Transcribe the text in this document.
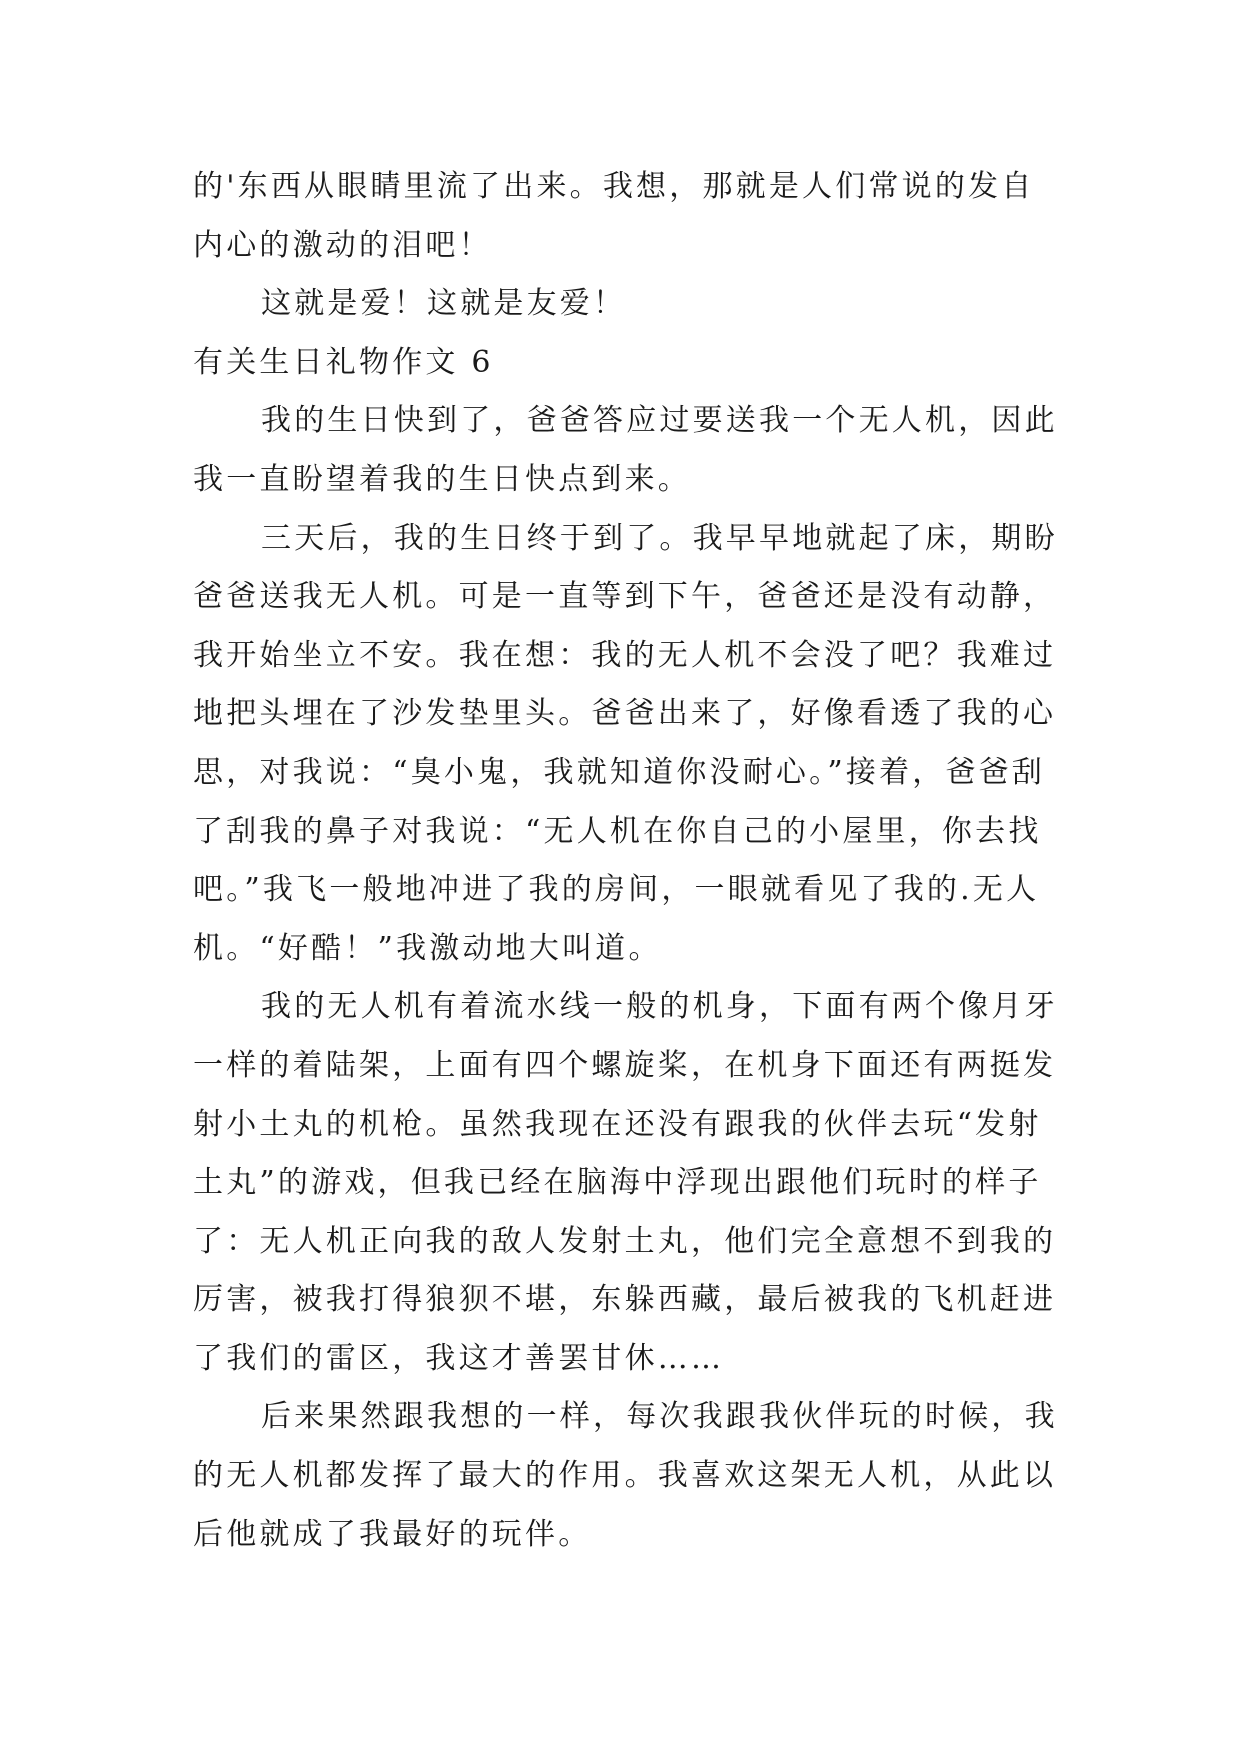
的'东西从眼睛里流了出来。我想，那就是人们常说的发自
内心的激动的泪吧！
这就是爱！这就是友爱！
有关生日礼物作文 6
我的生日快到了，爸爸答应过要送我一个无人机，因此
我一直盼望着我的生日快点到来。
三天后，我的生日终于到了。我早早地就起了床，期盼
爸爸送我无人机。可是一直等到下午，爸爸还是没有动静，
我开始坐立不安。我在想：我的无人机不会没了吧？我难过
地把头埋在了沙发垫里头。爸爸出来了，好像看透了我的心
思，对我说：“臭小鬼，我就知道你没耐心。”接着，爸爸刮
了刮我的鼻子对我说：“无人机在你自己的小屋里，你去找
吧。”我飞一般地冲进了我的房间，一眼就看见了我的.无人
机。“好酷！”我激动地大叫道。
我的无人机有着流水线一般的机身，下面有两个像月牙
一样的着陆架，上面有四个螺旋桨，在机身下面还有两挺发
射小土丸的机枪。虽然我现在还没有跟我的伙伴去玩“发射
土丸”的游戏，但我已经在脑海中浮现出跟他们玩时的样子
了：无人机正向我的敌人发射土丸，他们完全意想不到我的
厉害，被我打得狼狈不堪，东躲西藏，最后被我的飞机赶进
了我们的雷区，我这才善罢甘休……
后来果然跟我想的一样，每次我跟我伙伴玩的时候，我
的无人机都发挥了最大的作用。我喜欢这架无人机，从此以
后他就成了我最好的玩伴。
